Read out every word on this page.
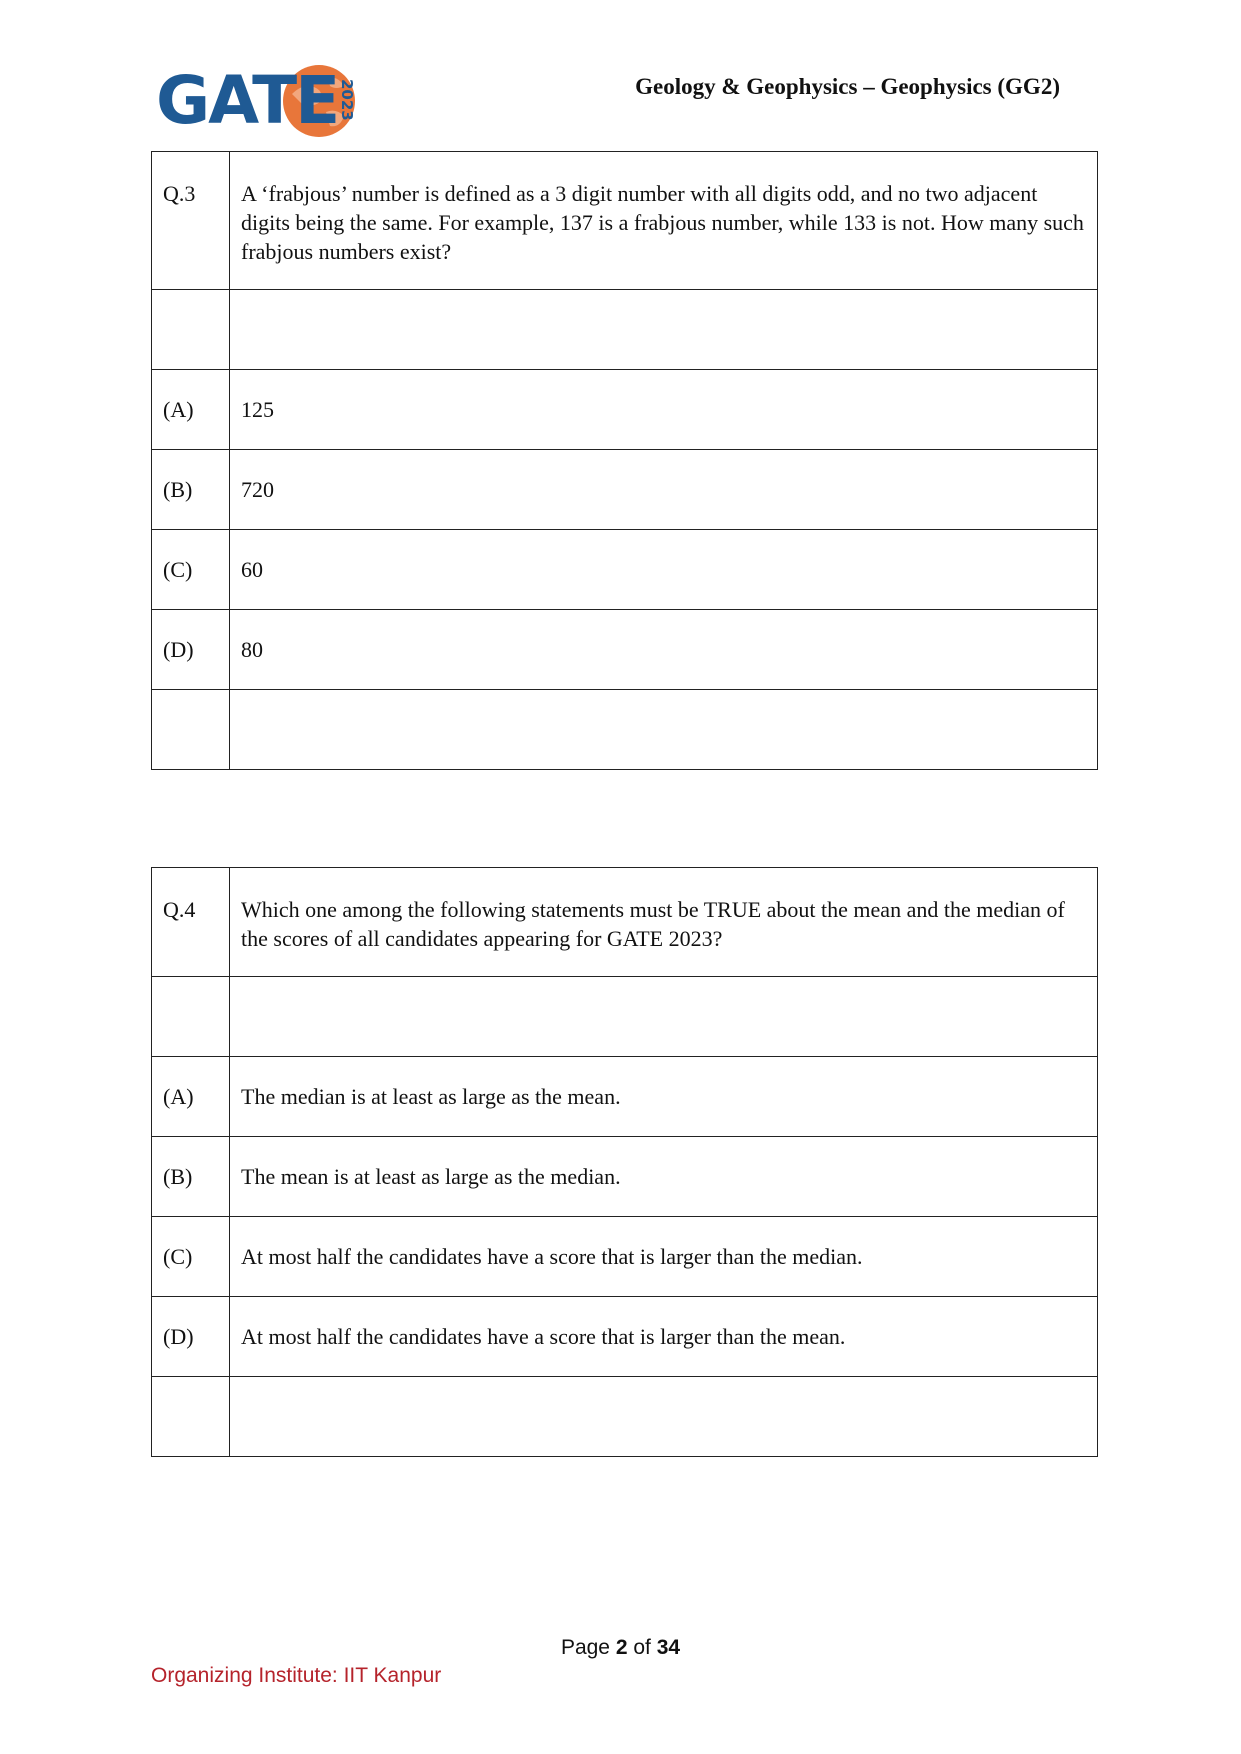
GATE 2023	Geology & Geophysics – Geophysics (GG2)
Q.3	A ‘frabjous’ number is defined as a 3 digit number with all digits odd, and no two adjacent digits being the same. For example, 137 is a frabjous number, while 133 is not. How many such frabjous numbers exist?

(A)	125
(B)	720
(C)	60
(D)	80

Q.4	Which one among the following statements must be TRUE about the mean and the median of the scores of all candidates appearing for GATE 2023?

(A)	The median is at least as large as the mean.
(B)	The mean is at least as large as the median.
(C)	At most half the candidates have a score that is larger than the median.
(D)	At most half the candidates have a score that is larger than the mean.

Page 2 of 34
Organizing Institute: IIT Kanpur
